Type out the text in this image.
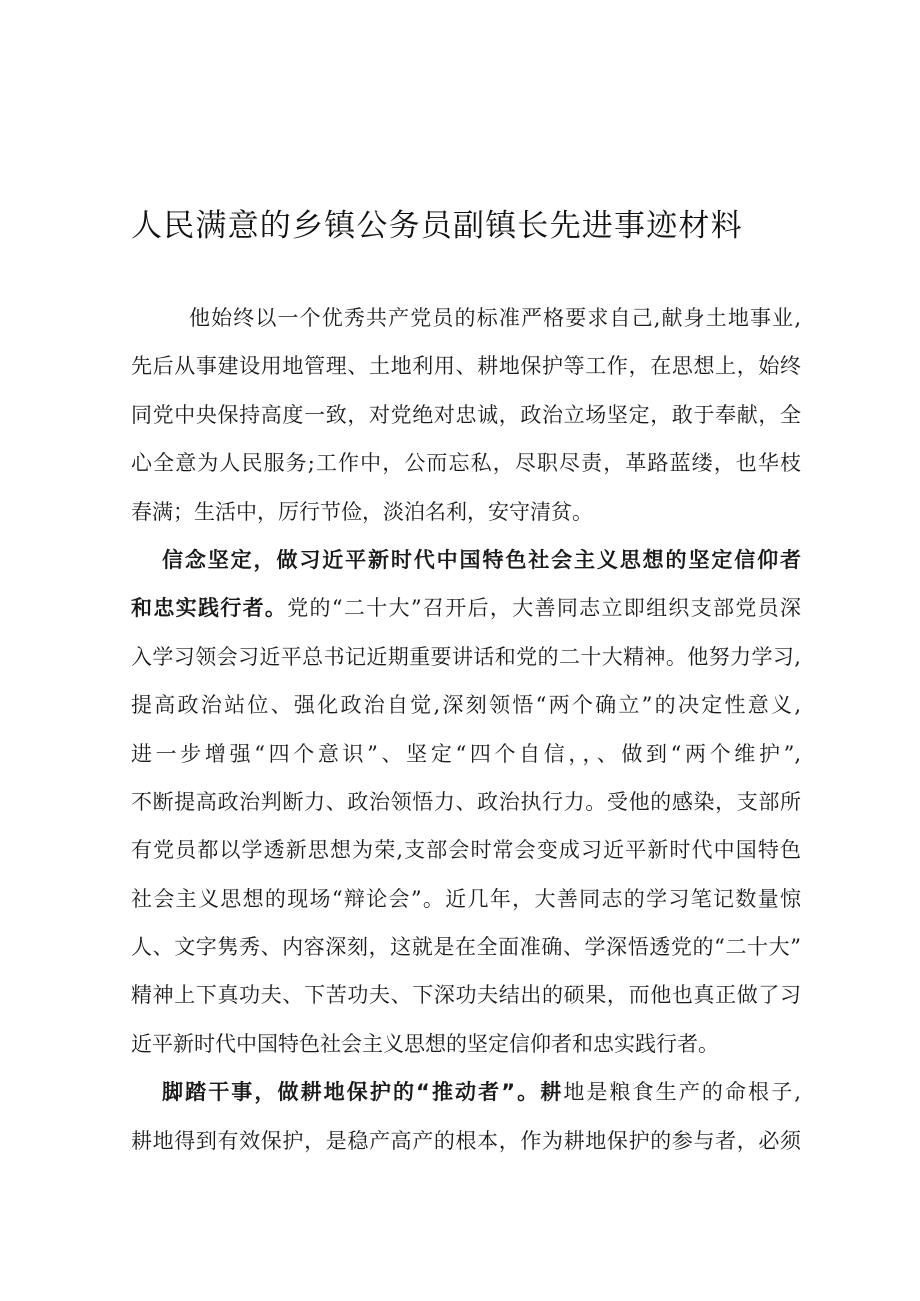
人民满意的乡镇公务员副镇长先进事迹材料
他始终以一个优秀共产党员的标准严格要求自己,献身土地事业,
先后从事建设用地管理、土地利用、耕地保护等工作，在思想上，始终
同党中央保持高度一致，对党绝对忠诚，政治立场坚定，敢于奉献，全
心全意为人民服务;工作中，公而忘私，尽职尽责，革路蓝缕，也华枝
春满；生活中，厉行节俭，淡泊名利，安守清贫。
信念坚定，做习近平新时代中国特色社会主义思想的坚定信仰者
和忠实践行者。党的“二十大”召开后，大善同志立即组织支部党员深
入学习领会习近平总书记近期重要讲话和党的二十大精神。他努力学习,
提高政治站位、强化政治自觉,深刻领悟“两个确立”的决定性意义,
进一步增强“四个意识”、坚定“四个自信，，、做到“两个维护”,
不断提高政治判断力、政治领悟力、政治执行力。受他的感染，支部所
有党员都以学透新思想为荣,支部会时常会变成习近平新时代中国特色
社会主义思想的现场“辩论会”。近几年，大善同志的学习笔记数量惊
人、文字隽秀、内容深刻，这就是在全面准确、学深悟透党的“二十大”
精神上下真功夫、下苦功夫、下深功夫结出的硕果，而他也真正做了习
近平新时代中国特色社会主义思想的坚定信仰者和忠实践行者。
脚踏干事，做耕地保护的“推动者”。耕地是粮食生产的命根子,
耕地得到有效保护，是稳产高产的根本，作为耕地保护的参与者，必须
